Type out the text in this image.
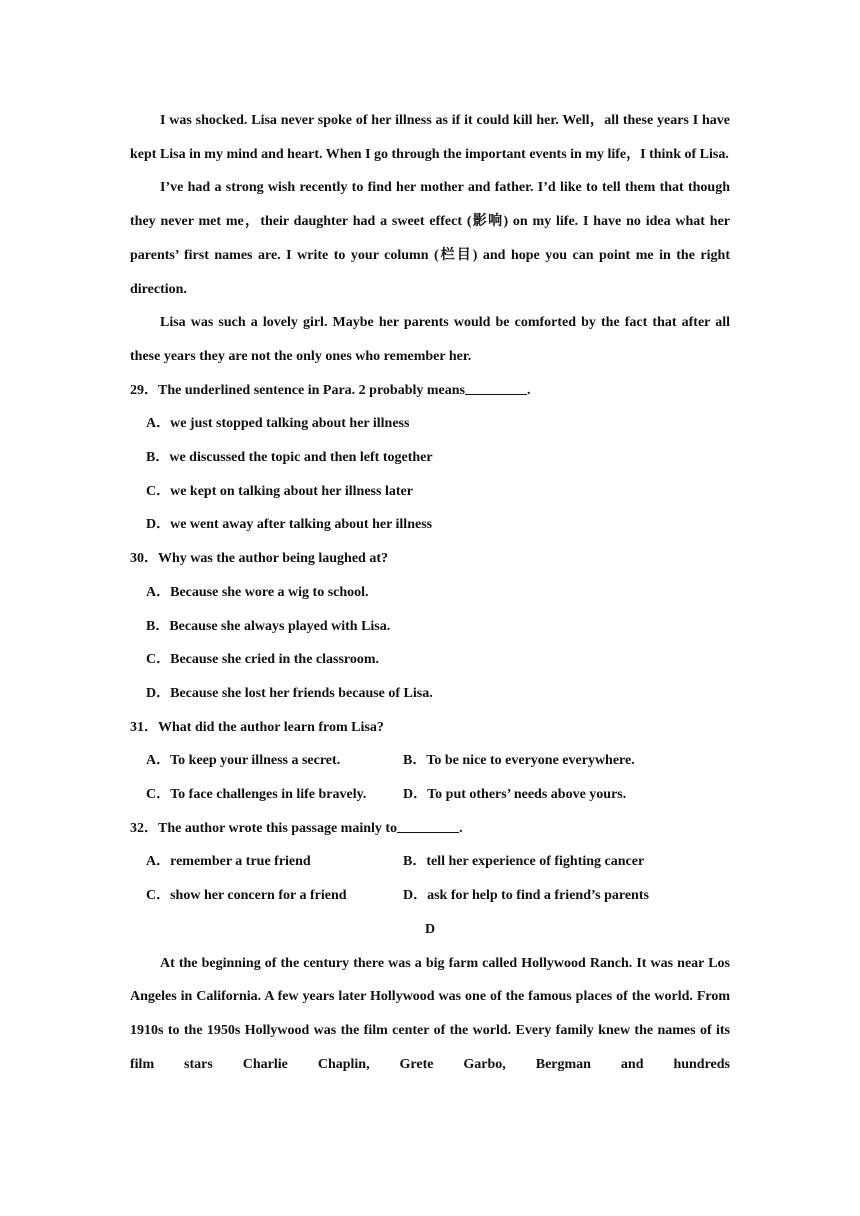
I was shocked. Lisa never spoke of her illness as if it could kill her. Well，all these years I have kept Lisa in my mind and heart. When I go through the important events in my life，I think of Lisa.

I’ve had a strong wish recently to find her mother and father. I’d like to tell them that though they never met me，their daughter had a sweet effect (影响) on my life. I have no idea what her parents’ first names are. I write to your column (栏目) and hope you can point me in the right direction.

Lisa was such a lovely girl. Maybe her parents would be comforted by the fact that after all these years they are not the only ones who remember her.

29．The underlined sentence in Para. 2 probably means	.

A．we just stopped talking about her illness

B．we discussed the topic and then left together

C．we kept on talking about her illness later

D．we went away after talking about her illness

30．Why was the author being laughed at?

A．Because she wore a wig to school.

B．Because she always played with Lisa.

C．Because she cried in the classroom.

D．Because she lost her friends because of Lisa.

31．What did the author learn from Lisa?

A．To keep your illness a secret.	B．To be nice to everyone everywhere.
C．To face challenges in life bravely.	D．To put others’ needs above yours.

32．The author wrote this passage mainly to	.

A．remember a true friend	B．tell her experience of fighting cancer
C．show her concern for a friend	D．ask for help to find a friend’s parents

D

At the beginning of the century there was a big farm called Hollywood Ranch. It was near Los Angeles in California. A few years later Hollywood was one of the famous places of the world. From 1910s to the 1950s Hollywood was the film center of the world. Every family knew the names of its film stars Charlie Chaplin, Grete Garbo, Bergman and hundreds
